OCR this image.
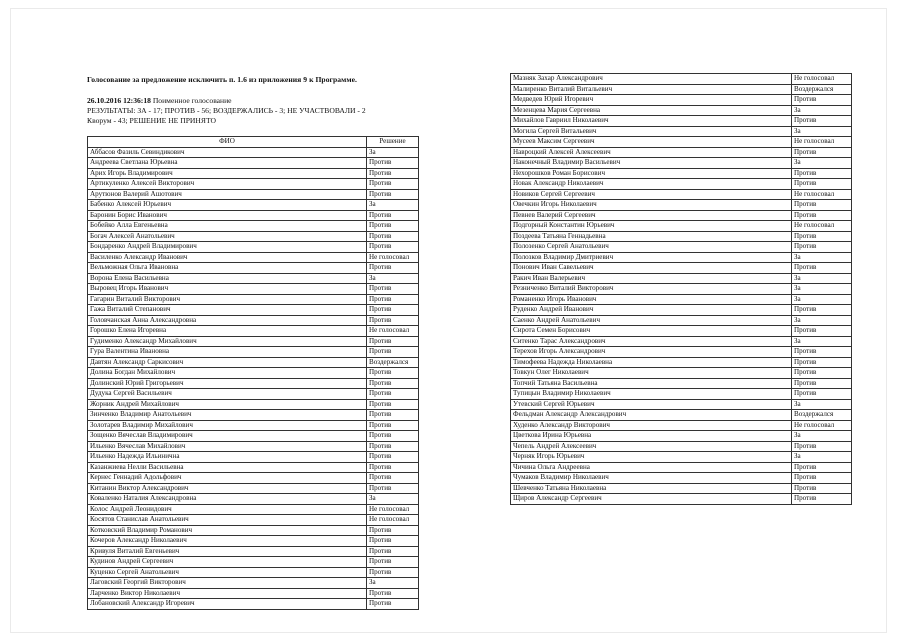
Голосование за предложение исключить п. 1.6 из приложения 9 к Программе.
26.10.2016 12:36:18 Поименное голосование
РЕЗУЛЬТАТЫ: ЗА - 17; ПРОТИВ - 56; ВОЗДЕРЖАЛИСЬ - 3; НЕ УЧАСТВОВАЛИ - 2
Кворум - 43; РЕШЕНИЕ НЕ ПРИНЯТО
ФИО	Решение
Аббасов Фазиль Севиндикович	За
Андреева Светлана Юрьевна	Против
Арих Игорь Владимирович	Против
Артикуленко Алексей Викторович	Против
Арутюнов Валерий Ашотович	Против
Бабенко Алексей Юрьевич	За
Баронин Борис Иванович	Против
Бобейко Алла Евгеньевна	Против
Богач Алексей Анатольевич	Против
Бондаренко Андрей Владимирович	Против
Василенко Александр Иванович	Не голосовал
Вельможная Ольга Ивановна	Против
Ворона Елена Васильевна	За
Выровец Игорь Иванович	Против
Гагарин Виталий Викторович	Против
Гажа Виталий Степанович	Против
Головчанская Анна Александровна	Против
Горошко Елена Игоревна	Не голосовал
Гудименко Александр Михайлович	Против
Гура Валентина Ивановна	Против
Давтян Александр Саркисович	Воздержался
Долина Богдан Михайлович	Против
Долинский Юрий Григорьевич	Против
Дудука Сергей Васильевич	Против
Жорник Андрей Михайлович	Против
Зинченко Владимир Анатольевич	Против
Золотарев Владимир Михайлович	Против
Зощенко Вячеслав Владимирович	Против
Ильенко Вячеслав Михайлович	Против
Ильенко Надежда Ильинична	Против
Казанжиева Нелли Васильевна	Против
Кернес Геннадий Адольфович	Против
Китанин Виктор Александрович	Против
Коваленко Наталия Александровна	За
Колос Андрей Леонидович	Не голосовал
Косятов Станислав Анатольевич	Не голосовал
Котковский Владимир Романович	Против
Кочеров Александр Николаевич	Против
Кривуля Виталий Евгеньевич	Против
Кудинов Андрей Сергеевич	Против
Куценко Сергей Анатольевич	Против
Лаговский Георгий Викторович	За
Ларченко Виктор Николаевич	Против
Лобановский Александр Игоревич	Против
Мазняк Захар Александрович	Не голосовал
Малиренко Виталий Витальевич	Воздержался
Медведев Юрий Игоревич	Против
Мезенцева Мария Сергеевна	За
Михайлов Гавриил Николаевич	Против
Могила Сергей Витальевич	За
Мусеев Максим Сергеевич	Не голосовал
Навроцкий Алексей Алексеевич	Против
Наконечный Владимир Васильевич	За
Нехорошков Роман Борисович	Против
Новак Александр Николаевич	Против
Новиков Сергей Сергеевич	Не голосовал
Овечкин Игорь Николаевич	Против
Певнев Валерий Сергеевич	Против
Подгорный Константин Юрьевич	Не голосовал
Поздеева Татьяна Геннадьевна	Против
Полозенко Сергей Анатольевич	Против
Полозков Владимир Дмитриевич	За
Понович Иван Савельевич	Против
Ракич Иван Валерьевич	За
Резниченко Виталий Викторович	За
Романенко Игорь Иванович	За
Руденко Андрей Иванович	Против
Саенко Андрей Анатольевич	За
Сирота Семен Борисович	Против
Ситенко Тарас Александрович	За
Терехов Игорь Александрович	Против
Тимофеева Надежда Николаевна	Против
Товкун Олег Николаевич	Против
Топчий Татьяна Васильевна	Против
Тупицын Владимир Николаевич	Против
Утевский Сергей Юрьевич	За
Фельдман Александр Александрович	Воздержался
Худенко Александр Викторович	Не голосовал
Цветкова Ирина Юрьевна	За
Чепель Андрей Алексеевич	Против
Черняк Игорь Юрьевич	За
Чичина Ольга Андреевна	Против
Чумаков Владимир Николаевич	Против
Шевченко Татьяна Николаевна	Против
Щиров Александр Сергеевич	Против
